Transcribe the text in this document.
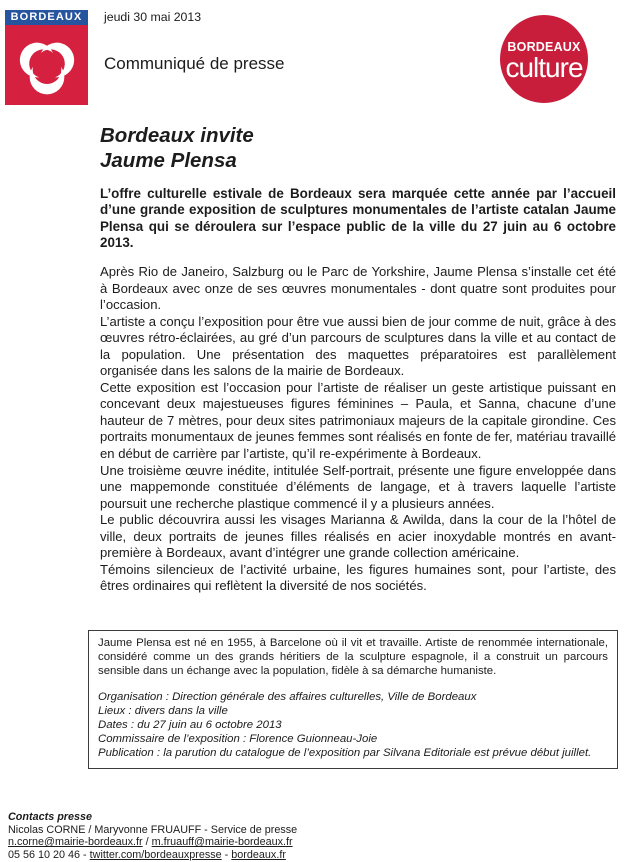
BORDEAUX	jeudi 30 mai 2013
Communiqué de presse
BORDEAUX
culture
Bordeaux invite
Jaume Plensa
L’offre culturelle estivale de Bordeaux sera marquée cette année par l’accueil d’une grande exposition de sculptures monumentales de l’artiste catalan Jaume Plensa qui se déroulera sur l’espace public de la ville du 27 juin au 6 octobre 2013.

Après Rio de Janeiro, Salzburg ou le Parc de Yorkshire, Jaume Plensa s’installe cet été à Bordeaux avec onze de ses œuvres monumentales - dont quatre sont produites pour l’occasion.

L’artiste a conçu l’exposition pour être vue aussi bien de jour comme de nuit, grâce à des œuvres rétro-éclairées, au gré d’un parcours de sculptures dans la ville et au contact de la population. Une présentation des maquettes préparatoires est parallèlement organisée dans les salons de la mairie de Bordeaux.

Cette exposition est l’occasion pour l’artiste de réaliser un geste artistique puissant en concevant deux majestueuses figures féminines – Paula, et Sanna, chacune d’une hauteur de 7 mètres, pour deux sites patrimoniaux majeurs de la capitale girondine. Ces portraits monumentaux de jeunes femmes sont réalisés en fonte de fer, matériau travaillé en début de carrière par l’artiste, qu’il re-expérimente à Bordeaux.

Une troisième œuvre inédite, intitulée Self-portrait, présente une figure enveloppée dans une mappemonde constituée d’éléments de langage, et à travers laquelle l’artiste poursuit une recherche plastique commencé il y a plusieurs années.

Le public découvrira aussi les visages Marianna & Awilda, dans la cour de la l’hôtel de ville, deux portraits de jeunes filles réalisés en acier inoxydable montrés en avant-première à Bordeaux, avant d’intégrer une grande collection américaine.

Témoins silencieux de l’activité urbaine, les figures humaines sont, pour l’artiste, des êtres ordinaires qui reflètent la diversité de nos sociétés.

Jaume Plensa est né en 1955, à Barcelone où il vit et travaille. Artiste de renommée internationale, considéré comme un des grands héritiers de la sculpture espagnole, il a construit un parcours sensible dans un échange avec la population, fidèle à sa démarche humaniste.

Organisation : Direction générale des affaires culturelles, Ville de Bordeaux
Lieux : divers dans la ville
Dates : du 27 juin au 6 octobre 2013
Commissaire de l’exposition : Florence Guionneau-Joie
Publication : la parution du catalogue de l’exposition par Silvana Editoriale est prévue début juillet.
Contacts presse
Nicolas CORNE / Maryvonne FRUAUFF - Service de presse
n.corne@mairie-bordeaux.fr / m.fruauff@mairie-bordeaux.fr
05 56 10 20 46 - twitter.com/bordeauxpresse - bordeaux.fr
